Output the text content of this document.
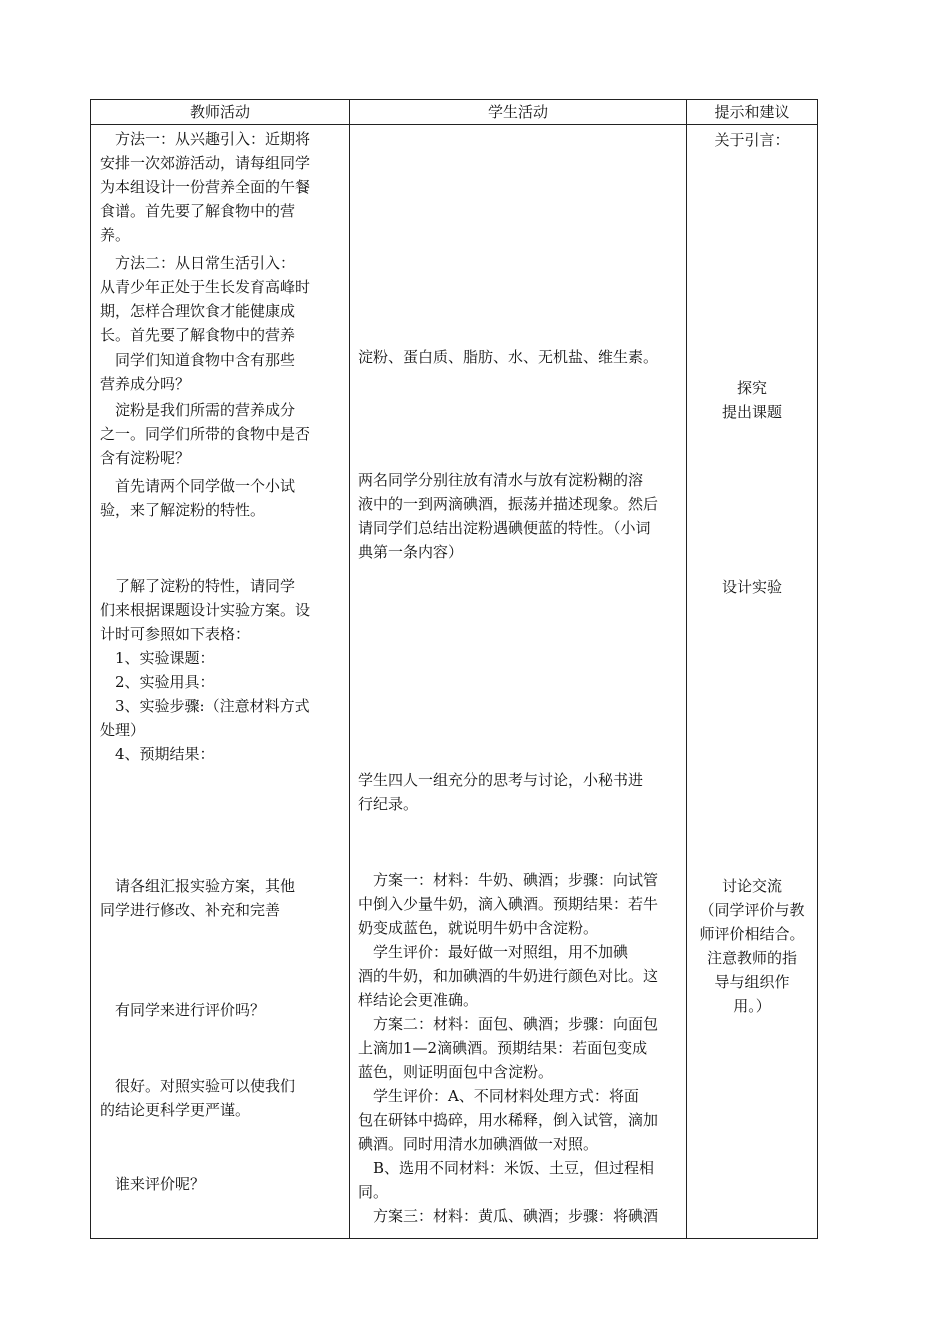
教师活动	学生活动	提示和建议

　方法一：从兴趣引入：近期将
安排一次郊游活动，请每组同学
为本组设计一份营养全面的午餐
食谱。首先要了解食物中的营
养。

　方法二：从日常生活引入：
从青少年正处于生长发育高峰时
期，怎样合理饮食才能健康成
长。首先要了解食物中的营养

　同学们知道食物中含有那些
营养成分吗？

　淀粉是我们所需的营养成分
之一。同学们所带的食物中是否
含有淀粉呢？

　首先请两个同学做一个小试
验，来了解淀粉的特性。

　了解了淀粉的特性，请同学
们来根据课题设计实验方案。设
计时可参照如下表格：
　1、实验课题：
　2、实验用具：
　3、实验步骤:（注意材料方式
处理）
　4、预期结果：

　请各组汇报实验方案，其他
同学进行修改、补充和完善

　有同学来进行评价吗？

　很好。对照实验可以使我们
的结论更科学更严谨。

　谁来评价呢？

淀粉、蛋白质、脂肪、水、无机盐、维生素。

两名同学分别往放有清水与放有淀粉糊的溶
液中的一到两滴碘酒，振荡并描述现象。然后
请同学们总结出淀粉遇碘便蓝的特性。（小词
典第一条内容）

学生四人一组充分的思考与讨论，小秘书进
行纪录。

　方案一：材料：牛奶、碘酒；步骤：向试管
中倒入少量牛奶，滴入碘酒。预期结果：若牛
奶变成蓝色，就说明牛奶中含淀粉。
　学生评价：最好做一对照组，用不加碘
酒的牛奶，和加碘酒的牛奶进行颜色对比。这
样结论会更准确。
　方案二：材料：面包、碘酒；步骤：向面包
上滴加1—2滴碘酒。预期结果：若面包变成
蓝色，则证明面包中含淀粉。
　学生评价：A、不同材料处理方式：将面
包在研钵中捣碎，用水稀释，倒入试管，滴加
碘酒。同时用清水加碘酒做一对照。
　B、选用不同材料：米饭、土豆，但过程相
同。
　方案三：材料：黄瓜、碘酒；步骤：将碘酒

关于引言：

探究
提出课题

设计实验

讨论交流
（同学评价与教
师评价相结合。
注意教师的指
导与组织作
用。）
